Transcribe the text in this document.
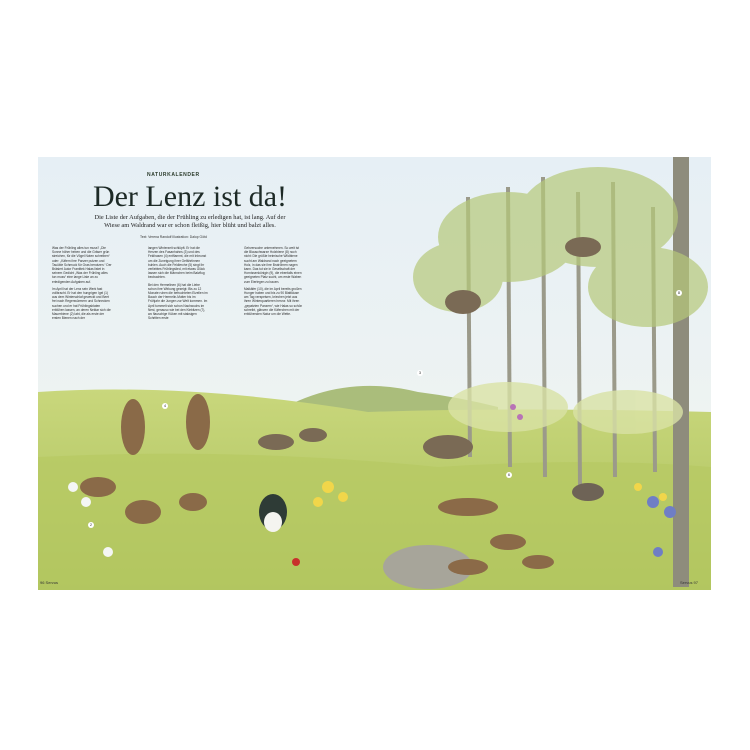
NATURKALENDER
Der Lenz ist da!
Die Liste der Aufgaben, die der Frühling zu erledigen hat, ist lang. Auf der Wiese am Waldrand war er schon fleißig, hier blüht und balzt alles.
Text: Verena Randolf Illustration: Dalop Götd

Was der Frühling alles tun muss? „Die Sonne höher heben und die Gräser grün streichen, für die Vögel Noten schreiben“ oder: „Käfern ihre Panzer putzen und Tauüble Schmuck für Gras benotzen.“ Der Bräsiert Autor Frantitek Halas listet in seinem Gedicht „Was der Frühling alles tun muss“ eine lange Liste an zu erledigenden Aufgaben auf.

Im April hat der Lenz sein Werk fast vollbracht. Er hat den hungrigen Igel (1) aus dem Winterschlaf geweckt und Beet frei nach Regenwürmern und Schnecken suchen und er hat Frühlingsblaten erblühen lassen, an deren Nektar sich die Mauerbiene (2) labt, die als erste der ersten Bienen nach der

langen Winterzeit schlüpft. Er hat die Herzen des Fasanhahns (3) und des Feldhasen (4) entflammt, die mit Inbrunst um die Zuneigung ihrer Gefährtinnen buhlen. Auch die Feldlerche (5) singt ihr verliebtes Frühlingslied, mit etwas Glück lassen sich die Männchen beim Balzflug beobachten.

Bei den Hermelinen (6) hat die Liebe schon ihre Wirkung gezeigt: Bis zu 12 Monate ruhen die befruchteten Eizellen im Bauch der Hermelin-Mutter bis im Frühjahr die Jungen zur Welt kommen. Im April tummelt sich schon Nachwuchs im Nest, genauso wie bei den Kiebitzen (7), wo flauschige Küken mit staksigen Schritten erste

Gehversuche unternehmen. So weit ist die Blauschwarze Holzbiene (8) noch nicht: Die größte heimische Wildbiene sucht am Waldrand nach geeignetem Holz, in das sie ihre Brutröhren nagen kann. Das tut sie in Gesellschaft der Hornissenkönigin (9), die ebenfalls einen geeigneten Platz sucht, um erste Waben zum Eierlegen zu bauen.

Maikäfer (10), die im April bereits großen Hunger haben und bis zu 90 Blattläuse am Tag verspeisen, kriechen jetzt aus ihren Winterquartieren hervor. Mit ihren „gepatzten Panzern“, wie Halas so schön schreibt, glänzen die Käferchen mit der erblühenden Natur um die Wette.

4
3
6
2
8
96 Servus	Servus 97
